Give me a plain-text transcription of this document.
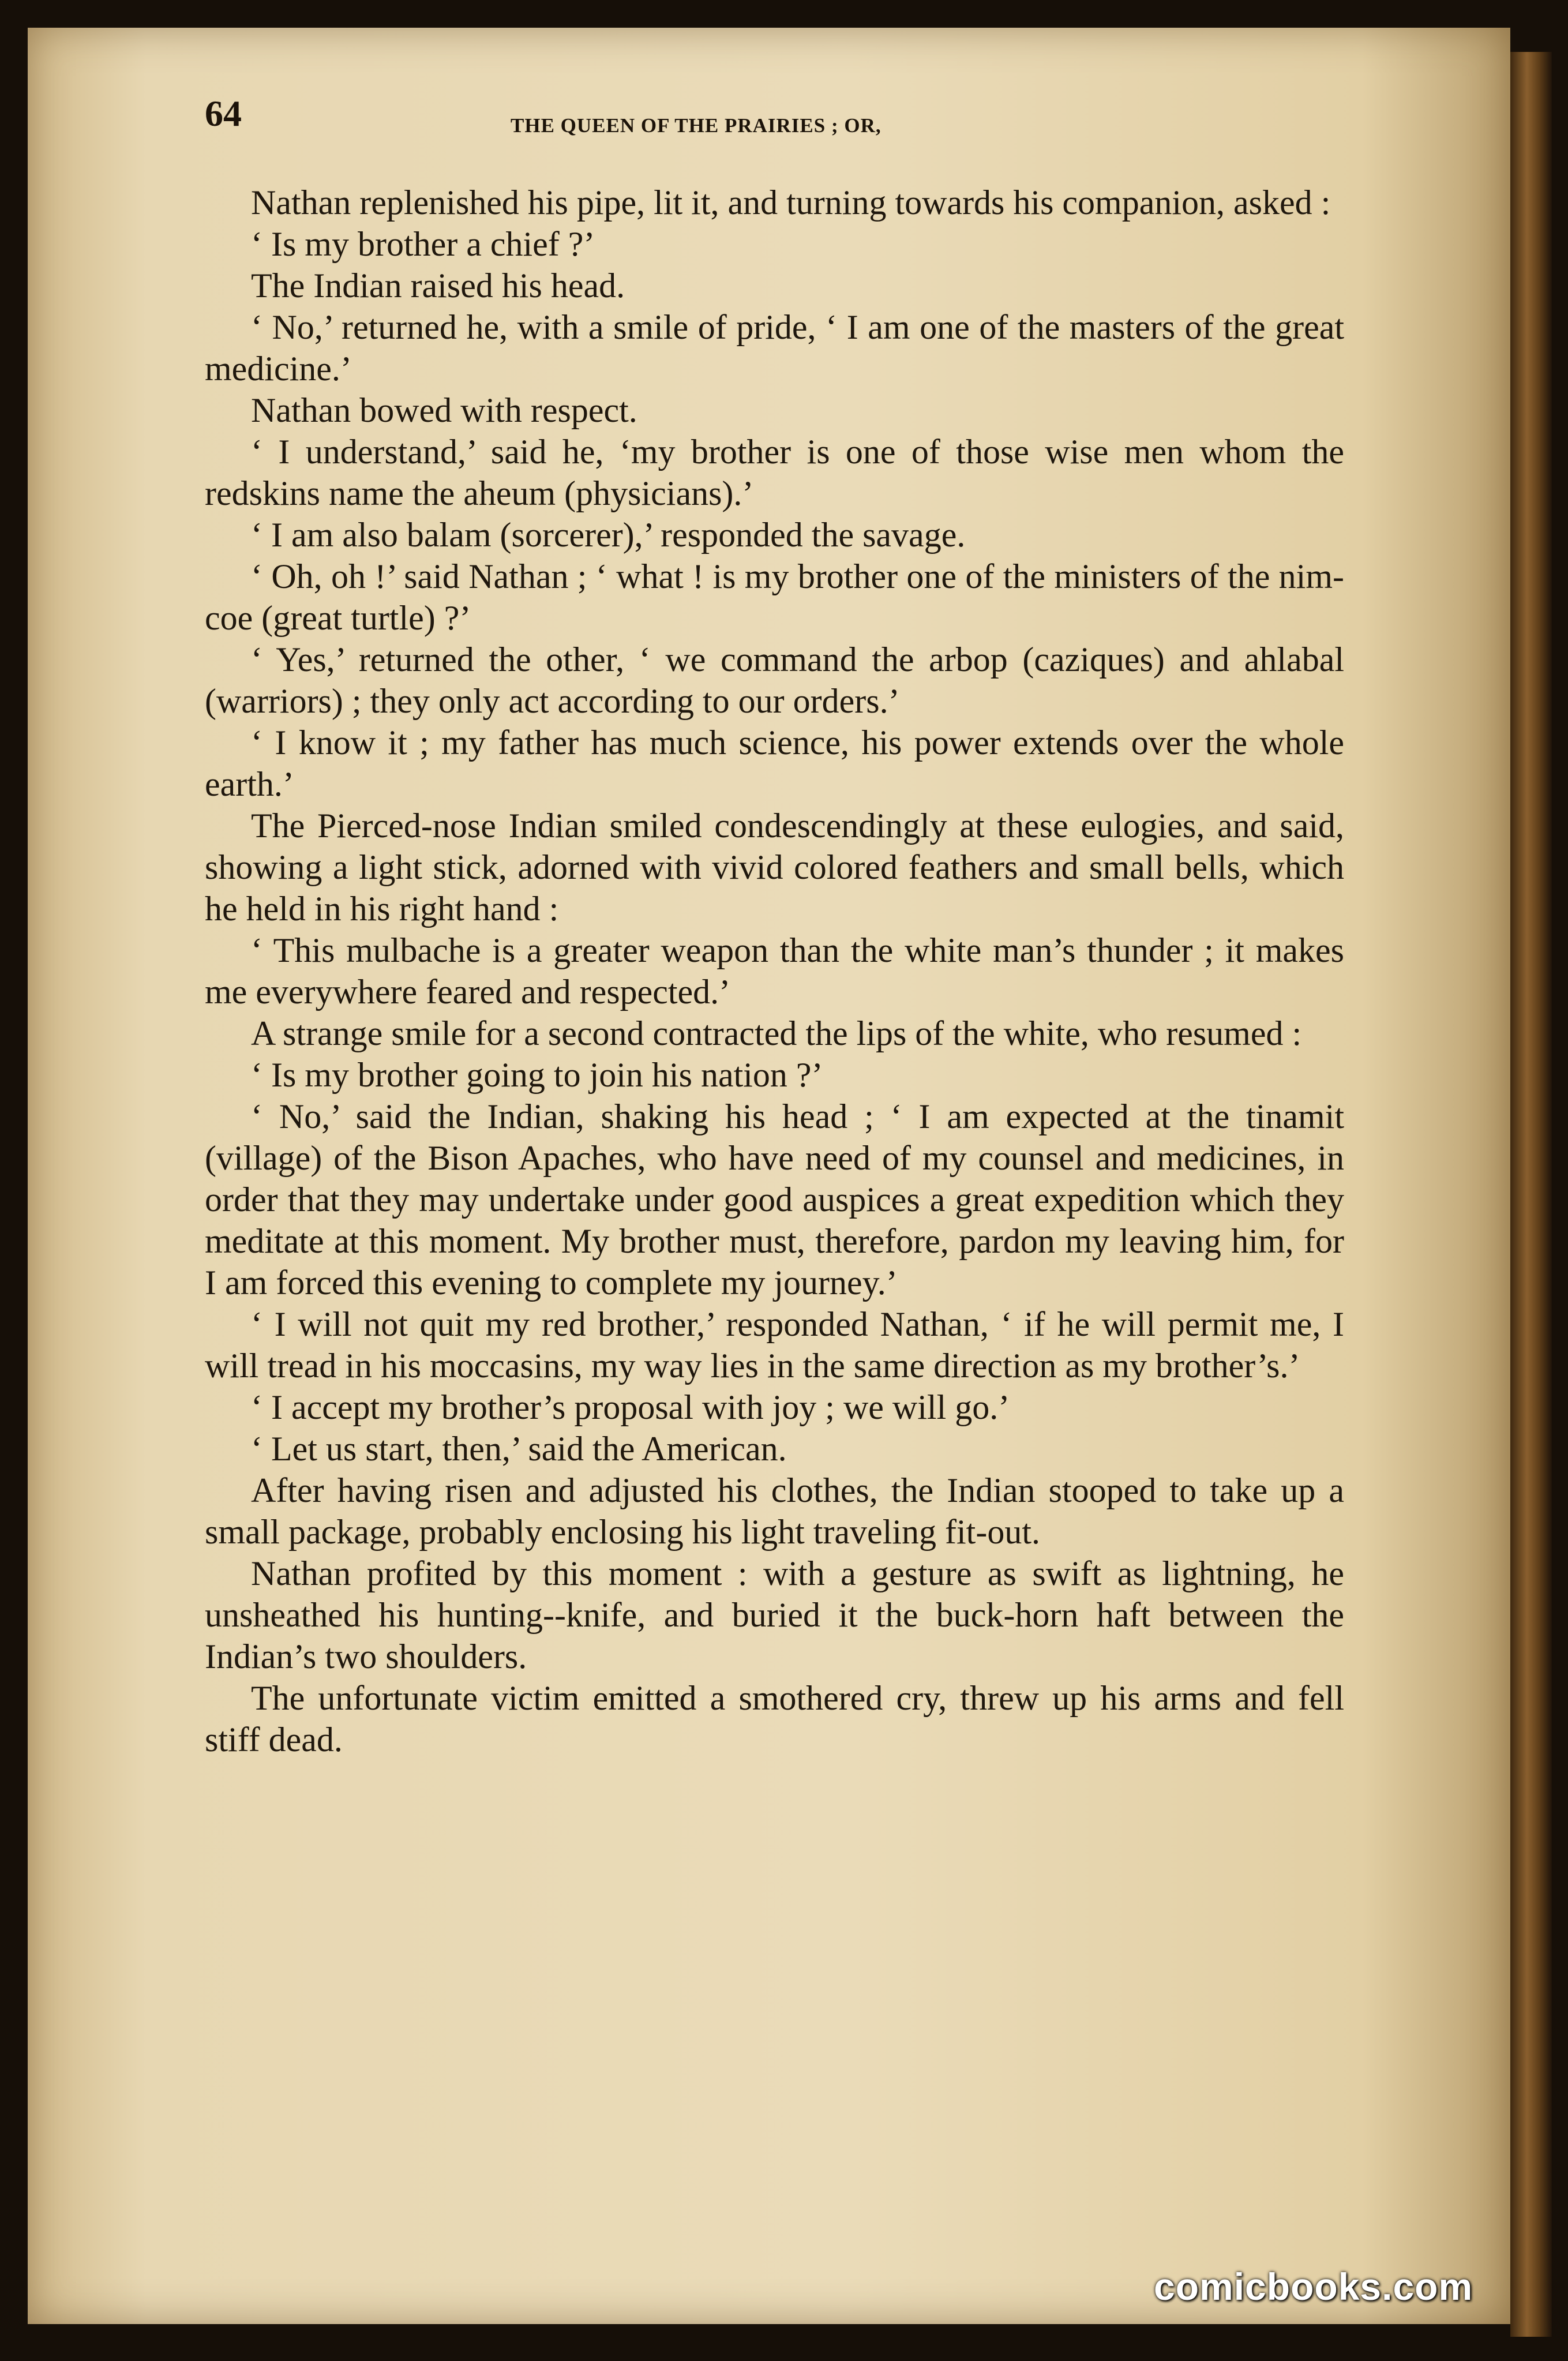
64	THE QUEEN OF THE PRAIRIES ; OR,

Nathan replenished his pipe, lit it, and turning towards his companion, asked :

‘ Is my brother a chief ?’

The Indian raised his head.

‘ No,’ returned he, with a smile of pride, ‘ I am one of the masters of the great medicine.’

Nathan bowed with respect.

‘ I understand,’ said he, ‘my brother is one of those wise men whom the redskins name the aheum (physicians).’

‘ I am also balam (sorcerer),’ responded the savage.

‘ Oh, oh !’ said Nathan ; ‘ what ! is my brother one of the ministers of the nim-coe (great turtle) ?’

‘ Yes,’ returned the other, ‘ we command the arbop (caziques) and ahlabal (warriors) ; they only act according to our orders.’

‘ I know it ; my father has much science, his power extends over the whole earth.’

The Pierced-nose Indian smiled condescendingly at these eulogies, and said, showing a light stick, adorned with vivid colored feathers and small bells, which he held in his right hand :

‘ This mulbache is a greater weapon than the white man’s thunder ; it makes me everywhere feared and respected.’

A strange smile for a second contracted the lips of the white, who resumed :

‘ Is my brother going to join his nation ?’

‘ No,’ said the Indian, shaking his head ; ‘ I am expected at the tinamit (village) of the Bison Apaches, who have need of my counsel and medicines, in order that they may undertake under good auspices a great expedition which they meditate at this moment. My brother must, therefore, pardon my leaving him, for I am forced this evening to complete my journey.’

‘ I will not quit my red brother,’ responded Nathan, ‘ if he will permit me, I will tread in his moccasins, my way lies in the same direction as my brother’s.’

‘ I accept my brother’s proposal with joy ; we will go.’

‘ Let us start, then,’ said the American.

After having risen and adjusted his clothes, the Indian stooped to take up a small package, probably enclosing his light traveling fit-out.

Nathan profited by this moment : with a gesture as swift as lightning, he unsheathed his hunting--knife, and buried it the buck-horn haft between the Indian’s two shoulders.

The unfortunate victim emitted a smothered cry, threw up his arms and fell stiff dead.

comicbooks.com
